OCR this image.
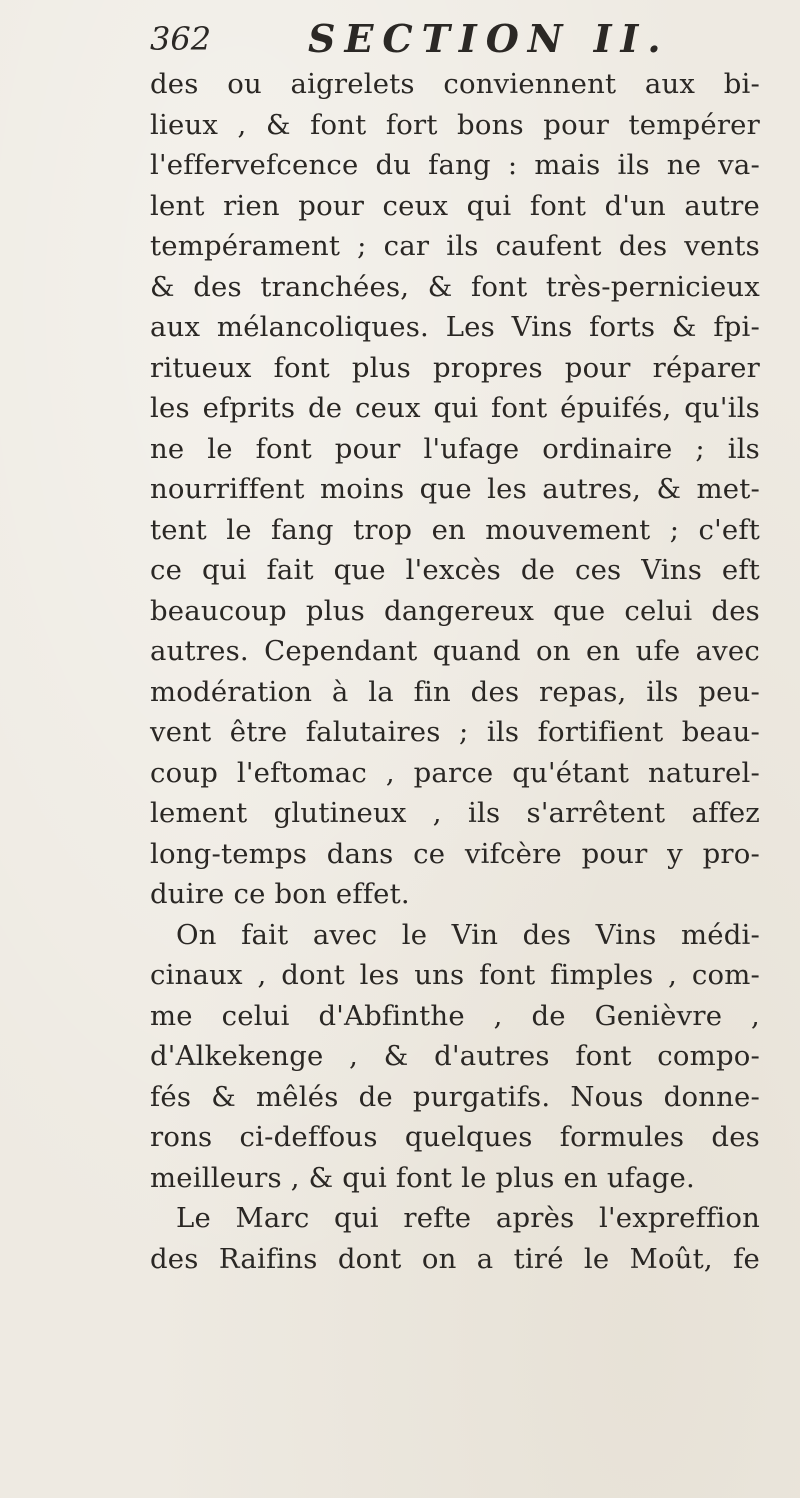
362	SECTION II.
des ou aigrelets conviennent aux bi-
lieux , & font fort bons pour tempérer
l'effervefcence du fang : mais ils ne va-
lent rien pour ceux qui font d'un autre
tempérament ; car ils caufent des vents
& des tranchées, & font très-pernicieux
aux mélancoliques. Les Vins forts & fpi-
ritueux font plus propres pour réparer
les efprits de ceux qui font épuifés, qu'ils
ne le font pour l'ufage ordinaire ; ils
nourriffent moins que les autres, & met-
tent le fang trop en mouvement ; c'eft
ce qui fait que l'excès de ces Vins eft
beaucoup plus dangereux que celui des
autres. Cependant quand on en ufe avec
modération à la fin des repas, ils peu-
vent être falutaires ; ils fortifient beau-
coup l'eftomac , parce qu'étant naturel-
lement glutineux , ils s'arrêtent affez
long-temps dans ce vifcère pour y pro-
duire ce bon effet.
On fait avec le Vin des Vins médi-
cinaux , dont les uns font fimples , com-
me celui d'Abfinthe , de Genièvre ,
d'Alkekenge , & d'autres font compo-
fés & mêlés de purgatifs. Nous donne-
rons ci-deffous quelques formules des
meilleurs , & qui font le plus en ufage.
Le Marc qui refte après l'expreffion
des Raifins dont on a tiré le Moût, fe
